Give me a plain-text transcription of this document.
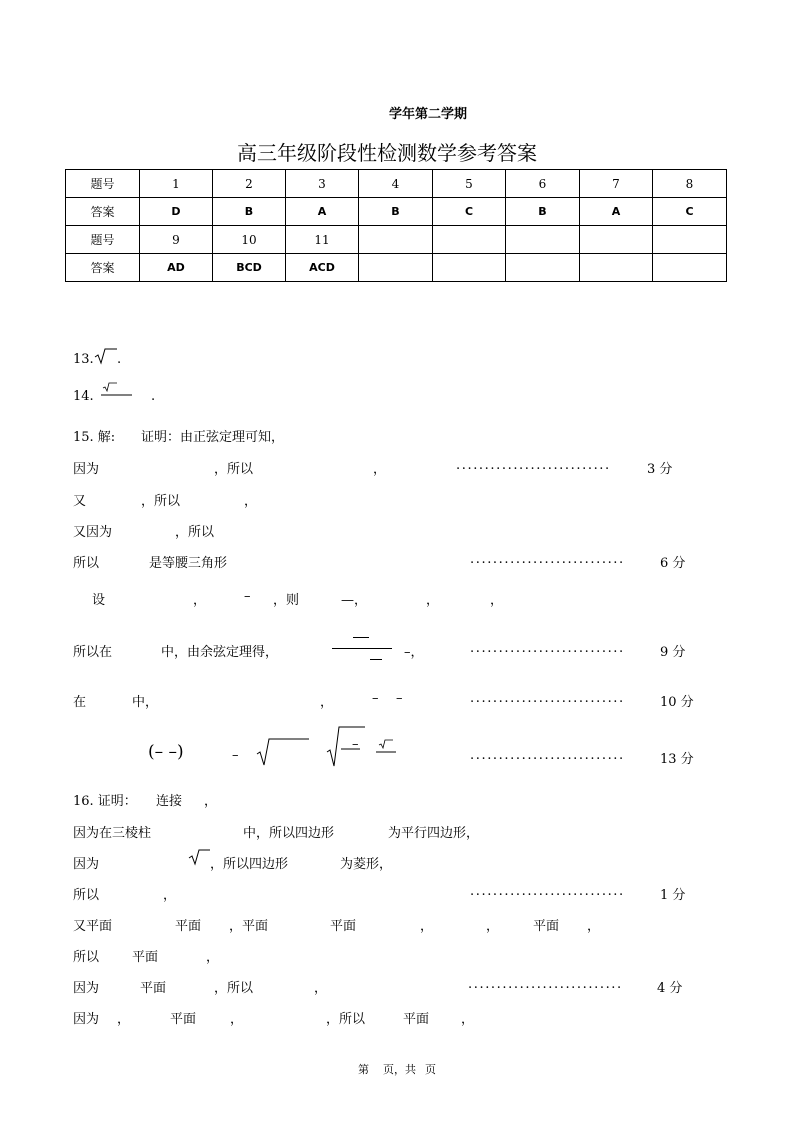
学年第二学期
高三年级阶段性检测数学参考答案
题号	1	2	3	4	5	6	7	8
答案	D	B	A	B	C	B	A	C
题号	9	10	11					
答案	AD	BCD	ACD					
13. .
14.	.
15. 解: 证明：由正弦定理可知，
因为	，所以	，	...........................	3 分
又	，所以	，
又因为	，所以
所以	是等腰三角形	...........................	6 分
设	，	– ，则	—，	，	，
所以在	中，由余弦定理得，	–，	...........................	9 分
在	中，	，	– –	...........................	10 分
(– –)	–
–
...........................	13 分
16. 证明： 连接 ，
因为在三棱柱	中，所以四边形	为平行四边形，
因为	，所以四边形	为菱形，
所以	，	...........................	1 分
又平面	平面 ，平面	平面	，	，	平面 ，
所以	平面	，
因为	平面	，所以	，	...........................	4 分
因为 ，	平面	，	，所以	平面 ，
第 页，共 页
